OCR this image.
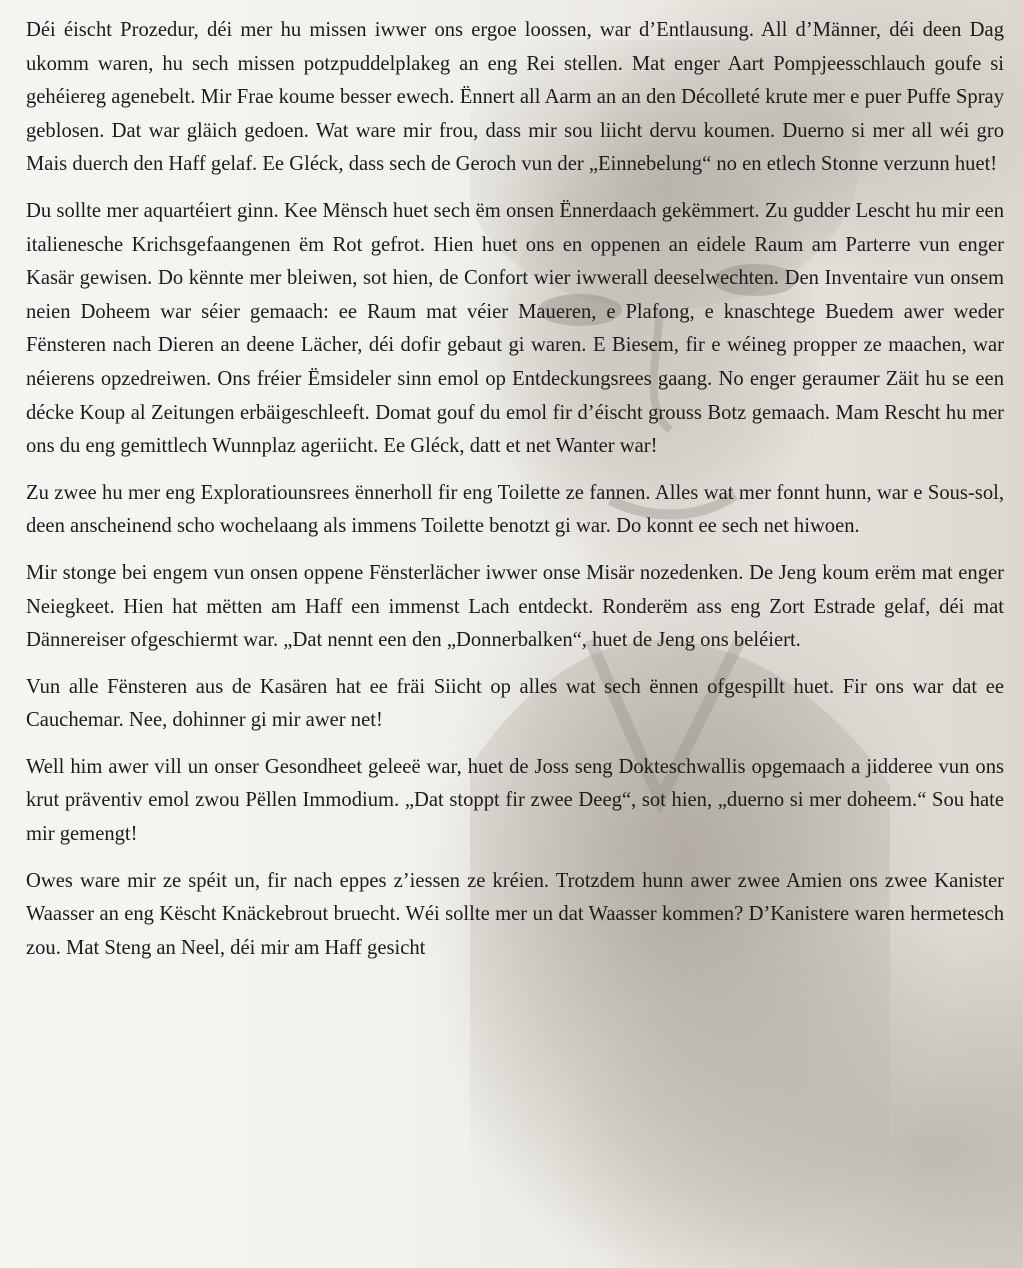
Déi éischt Prozedur, déi mer hu missen iwwer ons ergoe loossen, war d’Entlausung. All d’Männer, déi deen Dag ukomm waren, hu sech missen potzpuddelplakeg an eng Rei stellen. Mat enger Aart Pompjeesschlauch goufe si gehéiereg agenebelt. Mir Frae koume besser ewech. Ënnert all Aarm an an den Décolleté krute mer e puer Puffe Spray geblosen. Dat war gläich gedoen. Wat ware mir frou, dass mir sou liicht dervu koumen. Duerno si mer all wéi gro Mais duerch den Haff gelaf. Ee Gléck, dass sech de Geroch vun der „Einnebelung“ no en etlech Stonne verzunn huet!

Du sollte mer aquartéiert ginn. Kee Mënsch huet sech ëm onsen Ënnerdaach gekëmmert. Zu gudder Lescht hu mir een italienesche Krichsgefaangenen ëm Rot gefrot. Hien huet ons en oppenen an eidele Raum am Parterre vun enger Kasär gewisen. Do kënnte mer bleiwen, sot hien, de Confort wier iwwerall deeselwechten. Den Inventaire vun onsem neien Doheem war séier gemaach: ee Raum mat véier Maueren, e Plafong, e knaschtege Buedem awer weder Fënsteren nach Dieren an deene Lächer, déi dofir gebaut gi waren. E Biesem, fir e wéineg propper ze maachen, war néierens opzedreiwen. Ons fréier Ëmsideler sinn emol op Entdeckungsrees gaang. No enger geraumer Zäit hu se een décke Koup al Zeitungen erbäigeschleeft. Domat gouf du emol fir d’éischt grouss Botz gemaach. Mam Rescht hu mer ons du eng gemittlech Wunnplaz ageriicht. Ee Gléck, datt et net Wanter war!

Zu zwee hu mer eng Exploratiounsrees ënnerholl fir eng Toilette ze fannen. Alles wat mer fonnt hunn, war e Sous-sol, deen anscheinend scho wochelaang als immens Toilette benotzt gi war. Do konnt ee sech net hiwoen.

Mir stonge bei engem vun onsen oppene Fënsterlächer iwwer onse Misär nozedenken. De Jeng koum erëm mat enger Neiegkeet. Hien hat mëtten am Haff een immenst Lach entdeckt. Ronderëm ass eng Zort Estrade gelaf, déi mat Dännereiser ofgeschiermt war. „Dat nennt een den „Donnerbalken“, huet de Jeng ons beléiert.

Vun alle Fënsteren aus de Kasären hat ee fräi Siicht op alles wat sech ënnen ofgespillt huet. Fir ons war dat ee Cauchemar. Nee, dohinner gi mir awer net!

Well him awer vill un onser Gesondheet geleeë war, huet de Joss seng Dokteschwallis opgemaach a jidderee vun ons krut präventiv emol zwou Pëllen Immodium. „Dat stoppt fir zwee Deeg“, sot hien, „duerno si mer doheem.“ Sou hate mir gemengt!

Owes ware mir ze spéit un, fir nach eppes z’iessen ze kréien. Trotzdem hunn awer zwee Amien ons zwee Kanister Waasser an eng Këscht Knäckebrout bruecht. Wéi sollte mer un dat Waasser kommen? D’Kanistere waren hermetesch zou. Mat Steng an Neel, déi mir am Haff gesicht
